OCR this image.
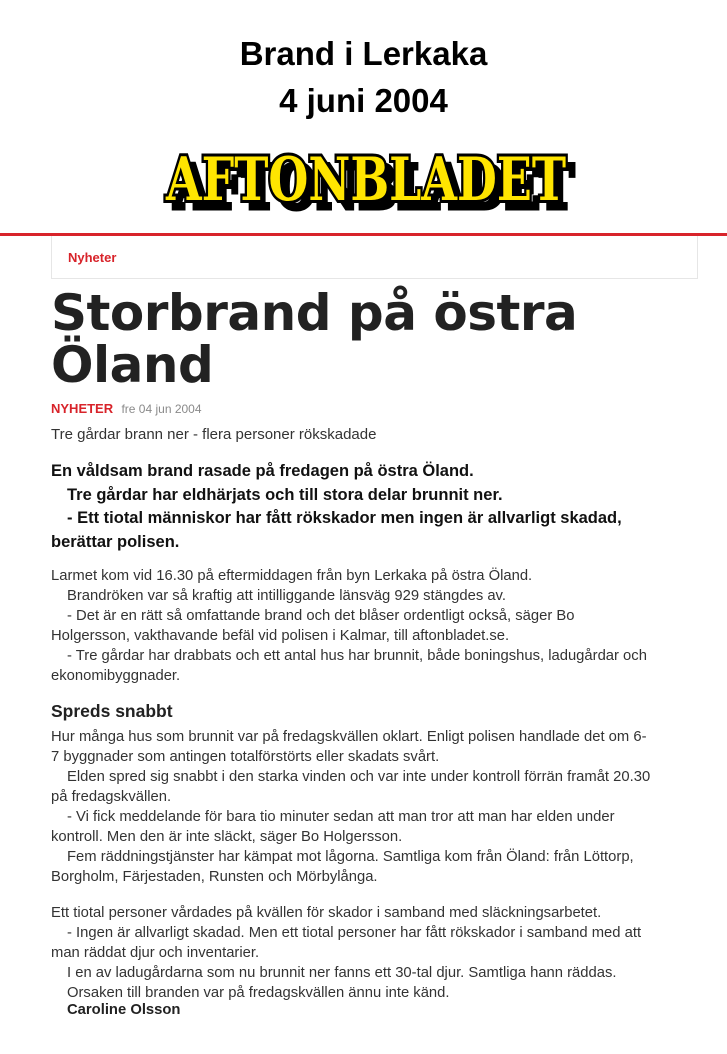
Brand i Lerkaka
4 juni 2004
AFTONBLADET
AFTONBLADET
AFTONBLADET
Nyheter
Storbrand på östra
Öland
NYHETER fre 04 jun 2004
Tre gårdar brann ner - flera personer rökskadade
En våldsam brand rasade på fredagen på östra Öland.
Tre gårdar har eldhärjats och till stora delar brunnit ner.
- Ett tiotal människor har fått rökskador men ingen är allvarligt skadad,
berättar polisen.
Larmet kom vid 16.30 på eftermiddagen från byn Lerkaka på östra Öland.
Brandröken var så kraftig att intilliggande länsväg 929 stängdes av.
- Det är en rätt så omfattande brand och det blåser ordentligt också, säger Bo
Holgersson, vakthavande befäl vid polisen i Kalmar, till aftonbladet.se.
- Tre gårdar har drabbats och ett antal hus har brunnit, både boningshus, ladugårdar och
ekonomibyggnader.
Spreds snabbt
Hur många hus som brunnit var på fredagskvällen oklart. Enligt polisen handlade det om 6-
7 byggnader som antingen totalförstörts eller skadats svårt.
Elden spred sig snabbt i den starka vinden och var inte under kontroll förrän framåt 20.30
på fredagskvällen.
- Vi fick meddelande för bara tio minuter sedan att man tror att man har elden under
kontroll. Men den är inte släckt, säger Bo Holgersson.
Fem räddningstjänster har kämpat mot lågorna. Samtliga kom från Öland: från Löttorp,
Borgholm, Färjestaden, Runsten och Mörbylånga.
Ett tiotal personer vårdades på kvällen för skador i samband med släckningsarbetet.
- Ingen är allvarligt skadad. Men ett tiotal personer har fått rökskador i samband med att
man räddat djur och inventarier.
I en av ladugårdarna som nu brunnit ner fanns ett 30-tal djur. Samtliga hann räddas.
Orsaken till branden var på fredagskvällen ännu inte känd.
Caroline Olsson
